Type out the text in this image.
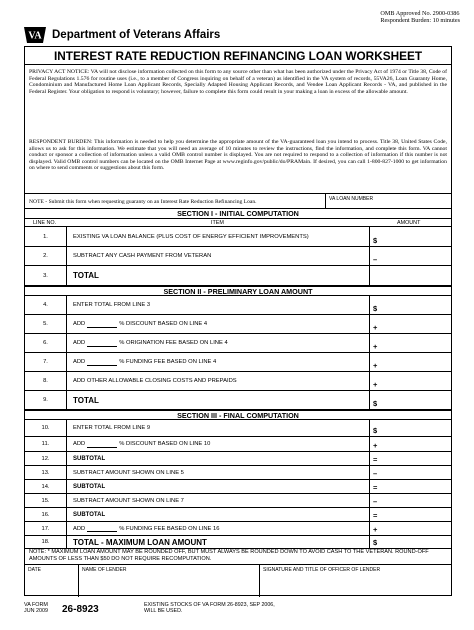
OMB Approved No. 2900-0386
Respondent Burden: 10 minutes
VA Department of Veterans Affairs
INTEREST RATE REDUCTION REFINANCING LOAN WORKSHEET
PRIVACY ACT NOTICE: VA will not disclose information collected on this form to any source other than what has been authorized under the Privacy Act of 1974 or Title 38, Code of Federal Regulations 1.576 for routine uses (i.e., to a member of Congress inquiring on behalf of a veteran) as identified in the VA system of records, 55VA26, Loan Guaranty Home, Condominium and Manufactured Home Loan Applicant Records, Specially Adapted Housing Applicant Records, and Vendee Loan Applicant Records - VA, and published in the Federal Register. Your obligation to respond is voluntary; however, failure to complete this form could result in your making a loan in excess of the allowable amount.
RESPONDENT BURDEN: This information is needed to help you determine the appropriate amount of the VA-guaranteed loan you intend to process. Title 38, United States Code, allows us to ask for this information. We estimate that you will need an average of 10 minutes to review the instructions, find the information, and complete this form. VA cannot conduct or sponsor a collection of information unless a valid OMB control number is displayed. You are not required to respond to a collection of information if this number is not displayed. Valid OMB control numbers can be located on the OMB Internet Page at www.reginfo.gov/public/do/PRAMain. If desired, you can call 1-800-827-1000 to get information on where to send comments or suggestions about this form.
NOTE - Submit this form when requesting guaranty on an Interest Rate Reduction Refinancing Loan.	VA LOAN NUMBER
SECTION I - INITIAL COMPUTATION
LINE NO.	ITEM	AMOUNT
NOTE: * MAXIMUM LOAN AMOUNT MAY BE ROUNDED OFF, BUT MUST ALWAYS BE ROUNDED DOWN TO AVOID CASH TO THE VETERAN. ROUND-OFF AMOUNTS OF LESS THAN $50 DO NOT REQUIRE RECOMPUTATION.
DATE	NAME OF LENDER	SIGNATURE AND TITLE OF OFFICER OF LENDER
1.	EXISTING VA LOAN BALANCE (PLUS COST OF ENERGY EFFICIENT IMPROVEMENTS)	$
2.	SUBTRACT ANY CASH PAYMENT FROM VETERAN	–
3.	TOTAL
SECTION II - PRELIMINARY LOAN AMOUNT
4.	ENTER TOTAL FROM LINE 3	$
5.	ADD	% DISCOUNT BASED ON LINE 4	+
6.	ADD	% ORIGINATION FEE BASED ON LINE 4	+
7.	ADD	% FUNDING FEE BASED ON LINE 4	+
8.	ADD OTHER ALLOWABLE CLOSING COSTS AND PREPAIDS	+
9.	TOTAL	$
SECTION III - FINAL COMPUTATION
10.	ENTER TOTAL FROM LINE 9	$
11.	ADD	% DISCOUNT BASED ON LINE 10	+
12.	SUBTOTAL	=
13.	SUBTRACT AMOUNT SHOWN ON LINE 5	–
14.	SUBTOTAL	=
15.	SUBTRACT AMOUNT SHOWN ON LINE 7	–
16.	SUBTOTAL	=
17.	ADD	% FUNDING FEE BASED ON LINE 16	+
18.	TOTAL - MAXIMUM LOAN AMOUNT	$
VA FORM
JUN 2009 26-8923	EXISTING STOCKS OF VA FORM 26-8923, SEP 2006,
WILL BE USED.
